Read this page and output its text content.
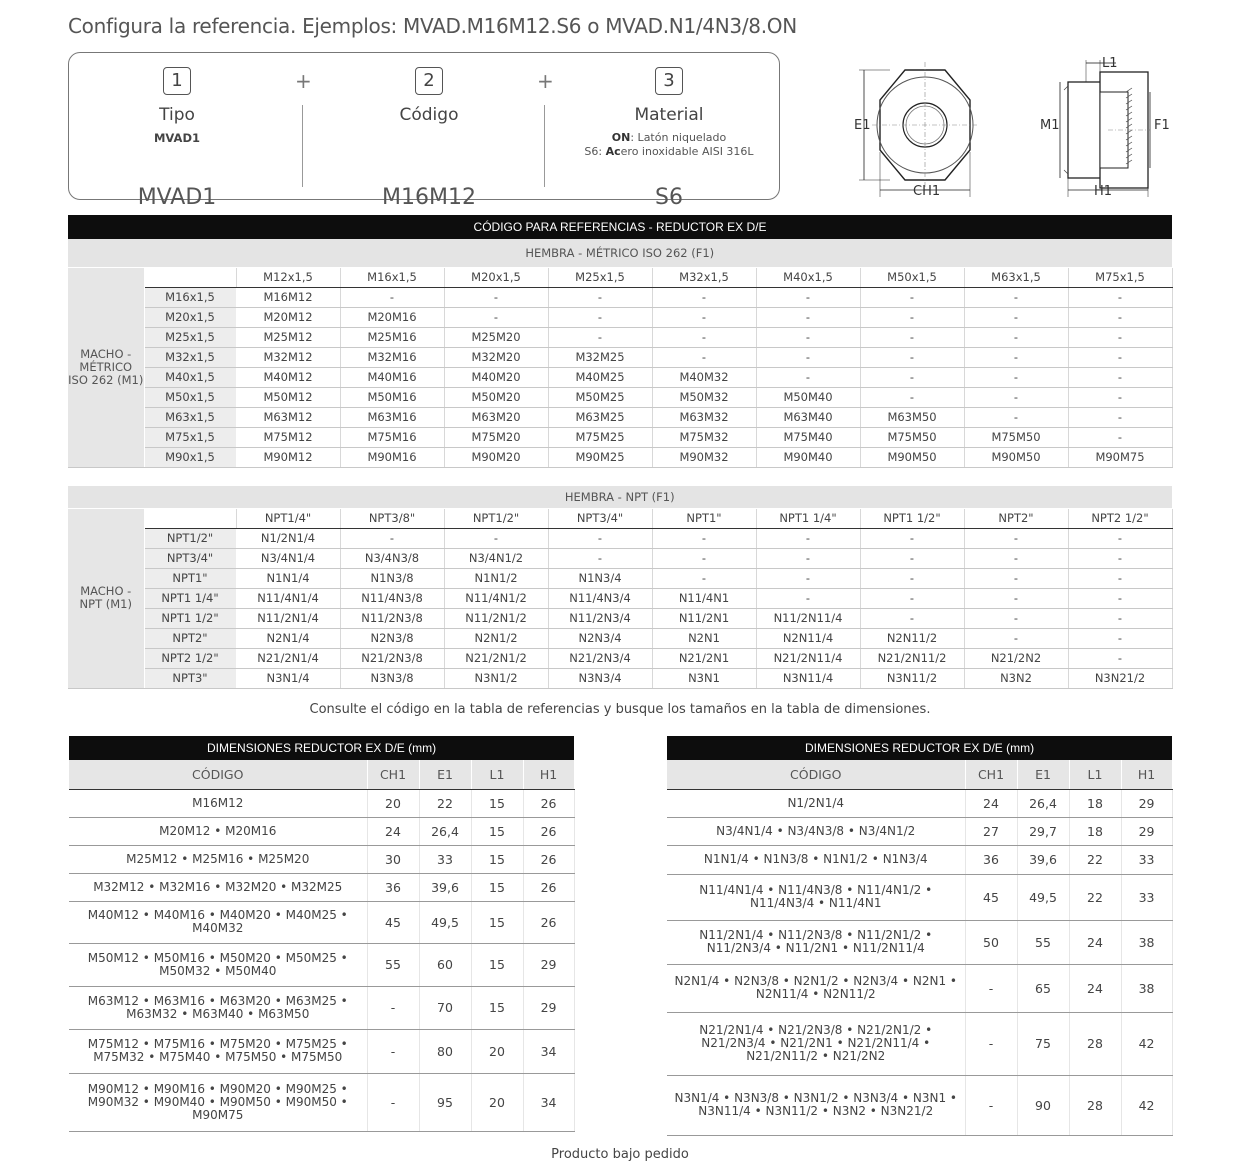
Configura la referencia. Ejemplos: MVAD.M16M12.S6 o MVAD.N1/4N3/8.ON
1
Tipo
MVAD1
MVAD1
+	2
Código
M16M12
+	3
Material
ON: Latón niquelado
S6: Acero inoxidable AISI 316L
S6
E1
CH1
L1
M1	F1
H1
CÓDIGO PARA REFERENCIAS - REDUCTOR EX D/E
HEMBRA - MÉTRICO ISO 262 (F1)										
MACHO - MÉTRICO ISO 262 (M1)		M12x1,5	M16x1,5	M20x1,5	M25x1,5	M32x1,5	M40x1,5	M50x1,5	M63x1,5	M75x1,5
	M16x1,5	M16M12	-	-	-	-	-	-	-	-
	M20x1,5	M20M12	M20M16	-	-	-	-	-	-	-
	M25x1,5	M25M12	M25M16	M25M20	-	-	-	-	-	-
	M32x1,5	M32M12	M32M16	M32M20	M32M25	-	-	-	-	-
	M40x1,5	M40M12	M40M16	M40M20	M40M25	M40M32	-	-	-	-
	M50x1,5	M50M12	M50M16	M50M20	M50M25	M50M32	M50M40	-	-	-
	M63x1,5	M63M12	M63M16	M63M20	M63M25	M63M32	M63M40	M63M50	-	-
	M75x1,5	M75M12	M75M16	M75M20	M75M25	M75M32	M75M40	M75M50	M75M50	-
	M90x1,5	M90M12	M90M16	M90M20	M90M25	M90M32	M90M40	M90M50	M90M50	M90M75
HEMBRA - NPT (F1)										
MACHO - NPT (M1)		NPT1/4"	NPT3/8"	NPT1/2"	NPT3/4"	NPT1"	NPT1 1/4"	NPT1 1/2"	NPT2"	NPT2 1/2"
	NPT1/2"	N1/2N1/4	-	-	-	-	-	-	-	-
	NPT3/4"	N3/4N1/4	N3/4N3/8	N3/4N1/2	-	-	-	-	-	-
	NPT1"	N1N1/4	N1N3/8	N1N1/2	N1N3/4	-	-	-	-	-
	NPT1 1/4"	N11/4N1/4	N11/4N3/8	N11/4N1/2	N11/4N3/4	N11/4N1	-	-	-	-
	NPT1 1/2"	N11/2N1/4	N11/2N3/8	N11/2N1/2	N11/2N3/4	N11/2N1	N11/2N11/4	-	-	-
	NPT2"	N2N1/4	N2N3/8	N2N1/2	N2N3/4	N2N1	N2N11/4	N2N11/2	-	-
	NPT2 1/2"	N21/2N1/4	N21/2N3/8	N21/2N1/2	N21/2N3/4	N21/2N1	N21/2N11/4	N21/2N11/2	N21/2N2	-
	NPT3"	N3N1/4	N3N3/8	N3N1/2	N3N3/4	N3N1	N3N11/4	N3N11/2	N3N2	N3N21/2
Consulte el código en la tabla de referencias y busque los tamaños en la tabla de dimensiones.
DIMENSIONES REDUCTOR EX D/E (mm)				
CÓDIGO	CH1	E1	L1	H1
M16M12	20	22	15	26
M20M12 • M20M16	24	26,4	15	26
M25M12 • M25M16 • M25M20	30	33	15	26
M32M12 • M32M16 • M32M20 • M32M25	36	39,6	15	26
M40M12 • M40M16 • M40M20 • M40M25 • M40M32	45	49,5	15	26
M50M12 • M50M16 • M50M20 • M50M25 • M50M32 • M50M40	55	60	15	29
M63M12 • M63M16 • M63M20 • M63M25 • M63M32 • M63M40 • M63M50	-	70	15	29
M75M12 • M75M16 • M75M20 • M75M25 • M75M32 • M75M40 • M75M50 • M75M50	-	80	20	34
M90M12 • M90M16 • M90M20 • M90M25 • M90M32 • M90M40 • M90M50 • M90M50 • M90M75	-	95	20	34
DIMENSIONES REDUCTOR EX D/E (mm)				
CÓDIGO	CH1	E1	L1	H1
N1/2N1/4	24	26,4	18	29
N3/4N1/4 • N3/4N3/8 • N3/4N1/2	27	29,7	18	29
N1N1/4 • N1N3/8 • N1N1/2 • N1N3/4	36	39,6	22	33
N11/4N1/4 • N11/4N3/8 • N11/4N1/2 • N11/4N3/4 • N11/4N1	45	49,5	22	33
N11/2N1/4 • N11/2N3/8 • N11/2N1/2 • N11/2N3/4 • N11/2N1 • N11/2N11/4	50	55	24	38
N2N1/4 • N2N3/8 • N2N1/2 • N2N3/4 • N2N1 • N2N11/4 • N2N11/2	-	65	24	38
N21/2N1/4 • N21/2N3/8 • N21/2N1/2 • N21/2N3/4 • N21/2N1 • N21/2N11/4 • N21/2N11/2 • N21/2N2	-	75	28	42
N3N1/4 • N3N3/8 • N3N1/2 • N3N3/4 • N3N1 • N3N11/4 • N3N11/2 • N3N2 • N3N21/2	-	90	28	42
Producto bajo pedido
